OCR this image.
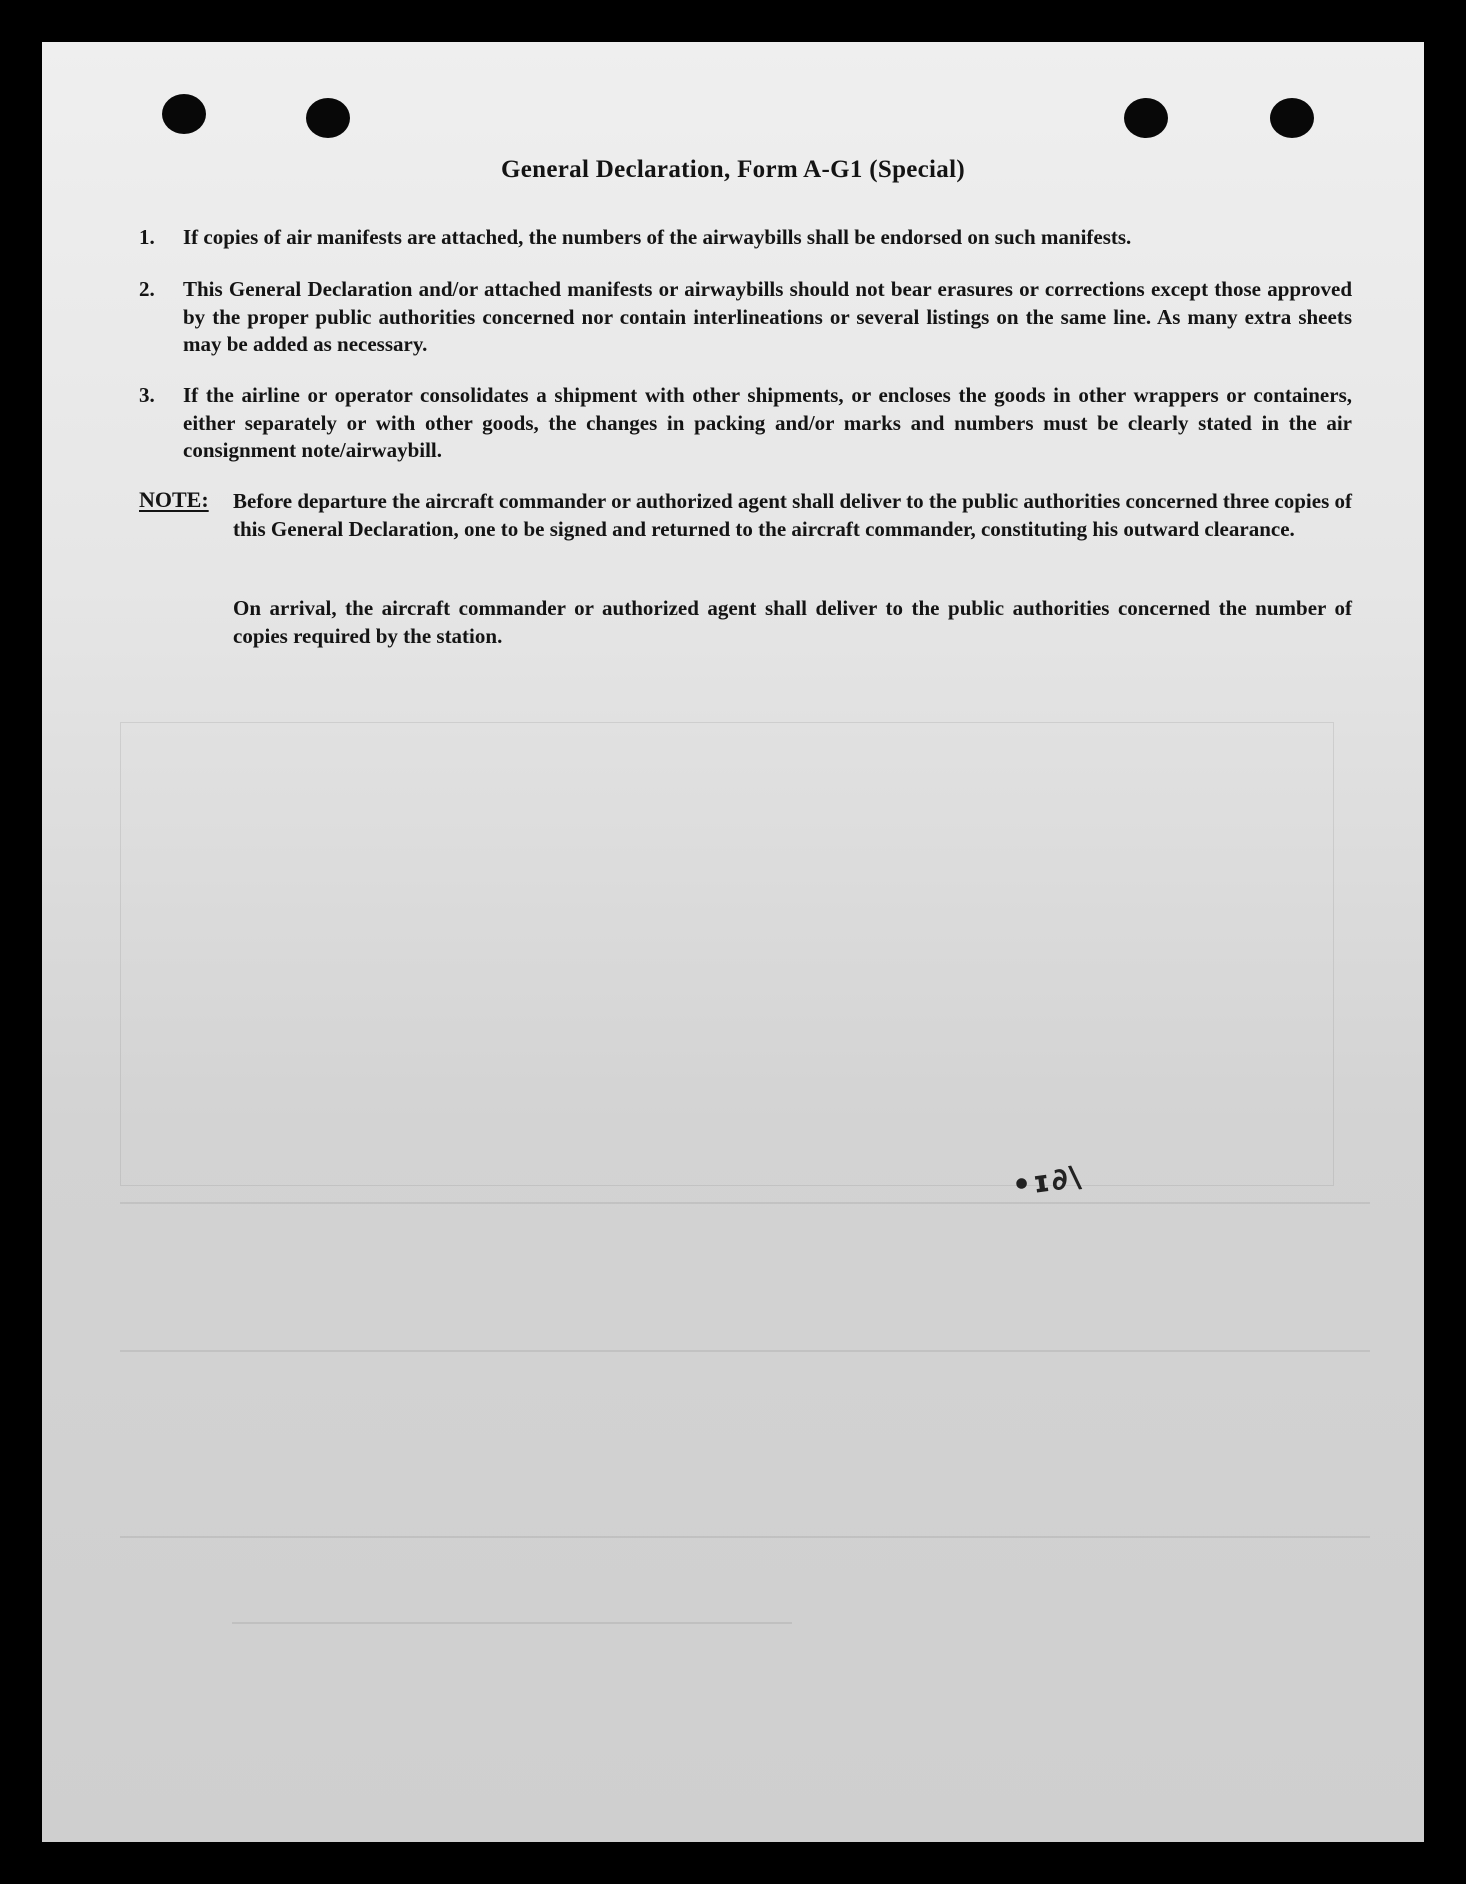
General Declaration, Form A-G1 (Special)
1.	If copies of air manifests are attached, the numbers of the airwaybills shall be endorsed on such manifests.
2.	This General Declaration and/or attached manifests or airwaybills should not bear erasures or corrections except those approved by the proper public authorities concerned nor contain interlineations or several listings on the same line. As many extra sheets may be added as necessary.
3.	If the airline or operator consolidates a shipment with other shipments, or encloses the goods in other wrappers or containers, either separately or with other goods, the changes in packing and/or marks and numbers must be clearly stated in the air consignment note/airwaybill.
NOTE: Before departure the aircraft commander or authorized agent shall deliver to the public authorities concerned three copies of this General Declaration, one to be signed and returned to the aircraft commander, constituting his outward clearance.
On arrival, the aircraft commander or authorized agent shall deliver to the public authorities concerned the number of copies required by the station.
•ɪ∂\
